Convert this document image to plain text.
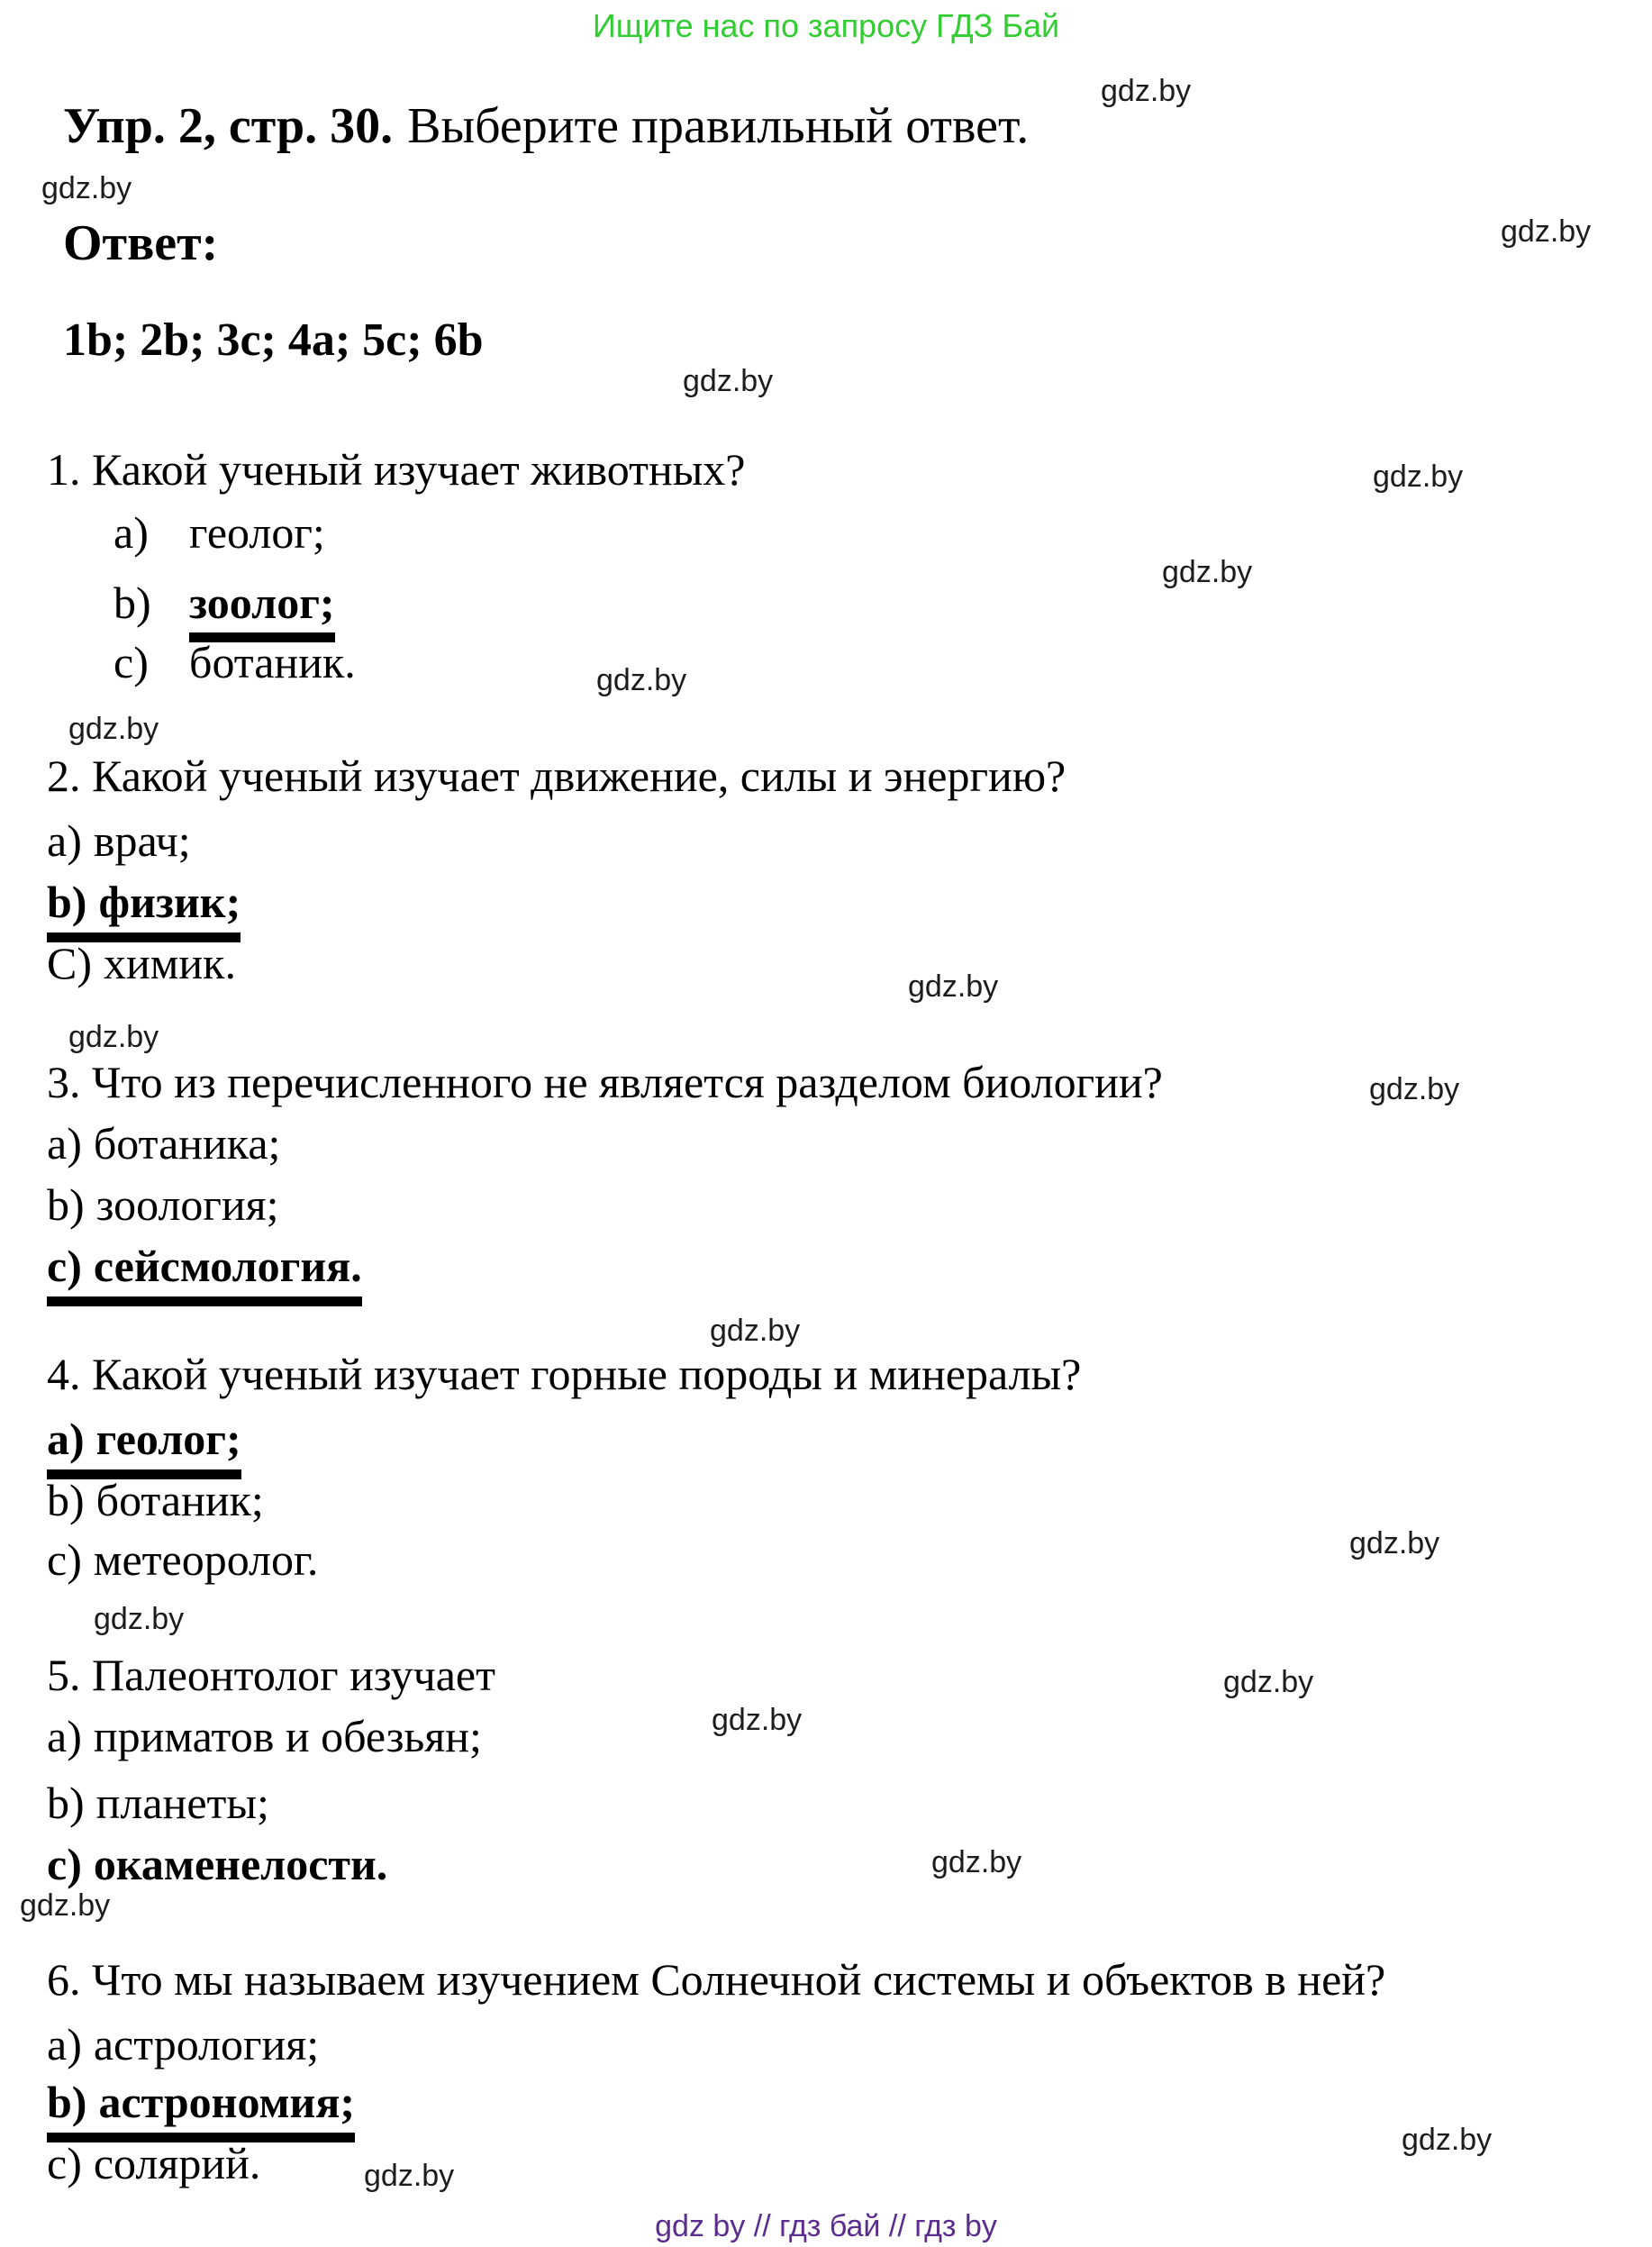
Ищите нас по запросу ГДЗ Бай
gdz.by
gdz.by
gdz.by
gdz.by
gdz.by
gdz.by
gdz.by
gdz.by
gdz.by
gdz.by
gdz.by
gdz.by
gdz.by
gdz.by
gdz.by
gdz.by
gdz.by
gdz.by
gdz.by
gdz.by
Упр. 2, стр. 30. Выберите правильный ответ.
Ответ:
1b; 2b; 3c; 4a; 5c; 6b
1. Какой ученый изучает животных?
a) геолог;
b) зоолог;
c) ботаник.
2. Какой ученый изучает движение, силы и энергию?
a) врач;
b) физик;
C) химик.
3. Что из перечисленного не является разделом биологии?
a) ботаника;
b) зоология;
c) сейсмология.
4. Какой ученый изучает горные породы и минералы?
a) геолог;
b) ботаник;
c) метеоролог.
5. Палеонтолог изучает
a) приматов и обезьян;
b) планеты;
c) окаменелости.
6. Что мы называем изучением Солнечной системы и объектов в ней?
a) астрология;
b) астрономия;
c) солярий.
gdz by // гдз бай // гдз by
